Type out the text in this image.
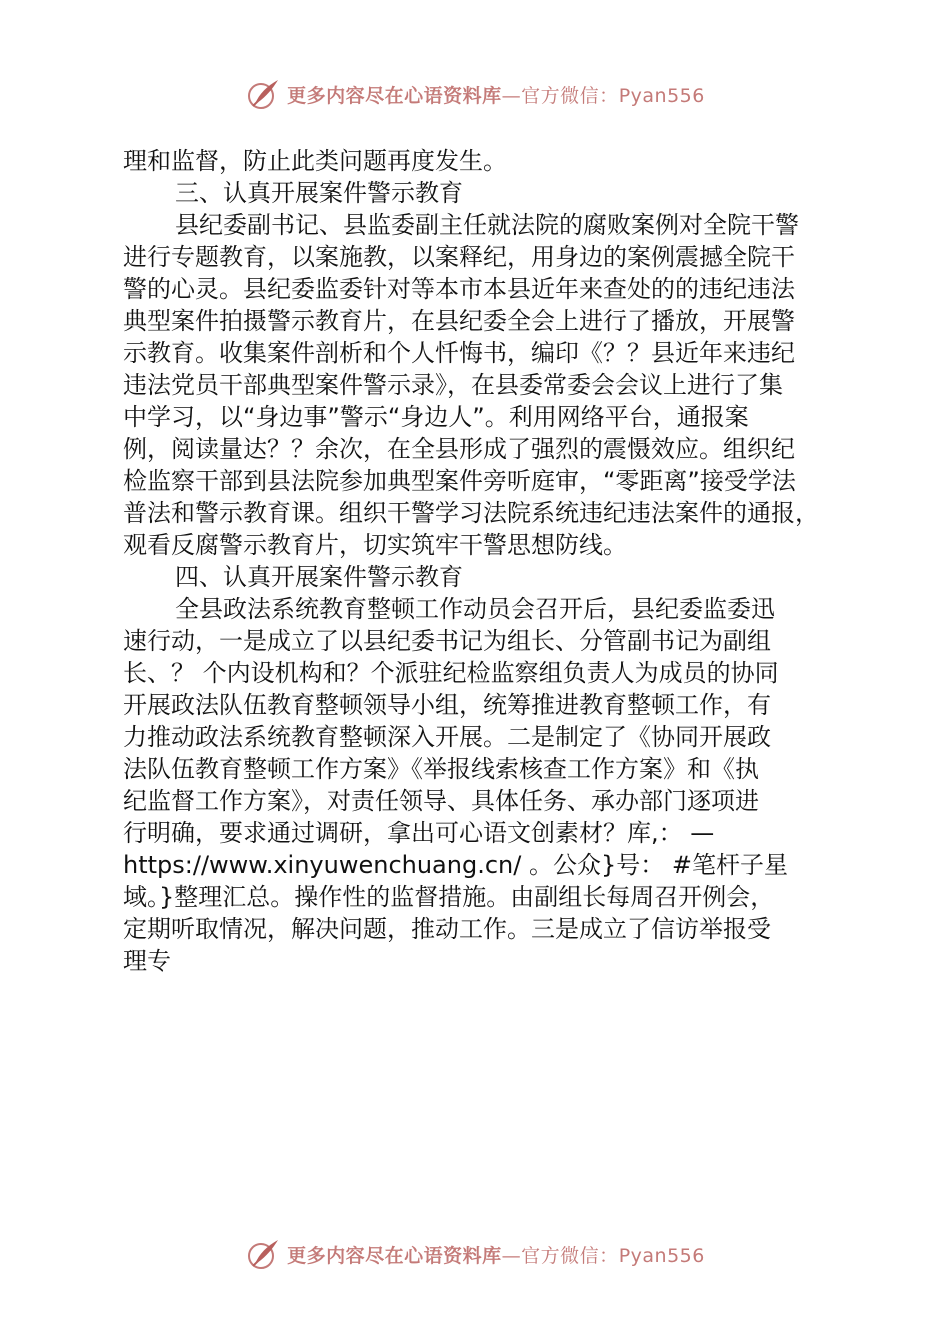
更多内容尽在心语资料库—官方微信：Pyan556
理和监督，防止此类问题再度发生。
三、认真开展案件警示教育
县纪委副书记、县监委副主任就法院的腐败案例对全院干警
进行专题教育，以案施教，以案释纪，用身边的案例震撼全院干
警的心灵。县纪委监委针对等本市本县近年来查处的的违纪违法
典型案件拍摄警示教育片，在县纪委全会上进行了播放，开展警
示教育。收集案件剖析和个人忏悔书，编印《？？县近年来违纪
违法党员干部典型案件警示录》，在县委常委会会议上进行了集
中学习，以“身边事”警示“身边人”。利用网络平台，通报案
例，阅读量达？？余次，在全县形成了强烈的震慑效应。组织纪
检监察干部到县法院参加典型案件旁听庭审，“零距离”接受学法
普法和警示教育课。组织干警学习法院系统违纪违法案件的通报，
观看反腐警示教育片，切实筑牢干警思想防线。
四、认真开展案件警示教育
全县政法系统教育整顿工作动员会召开后，县纪委监委迅
速行动，一是成立了以县纪委书记为组长、分管副书记为副组
长、？ 个内设机构和？个派驻纪检监察组负责人为成员的协同
开展政法队伍教育整顿领导小组，统筹推进教育整顿工作，有
力推动政法系统教育整顿深入开展。二是制定了《协同开展政
法队伍教育整顿工作方案》《举报线索核查工作方案》和《执
纪监督工作方案》，对责任领导、具体任务、承办部门逐项进
行明确，要求通过调研，拿出可心语文创素材？库,： —
https://www.xinyuwenchuang.cn/ 。公众}号： #笔杆子星
域。}整理汇总。操作性的监督措施。由副组长每周召开例会，
定期听取情况，解决问题，推动工作。三是成立了信访举报受
理专
更多内容尽在心语资料库—官方微信：Pyan556
